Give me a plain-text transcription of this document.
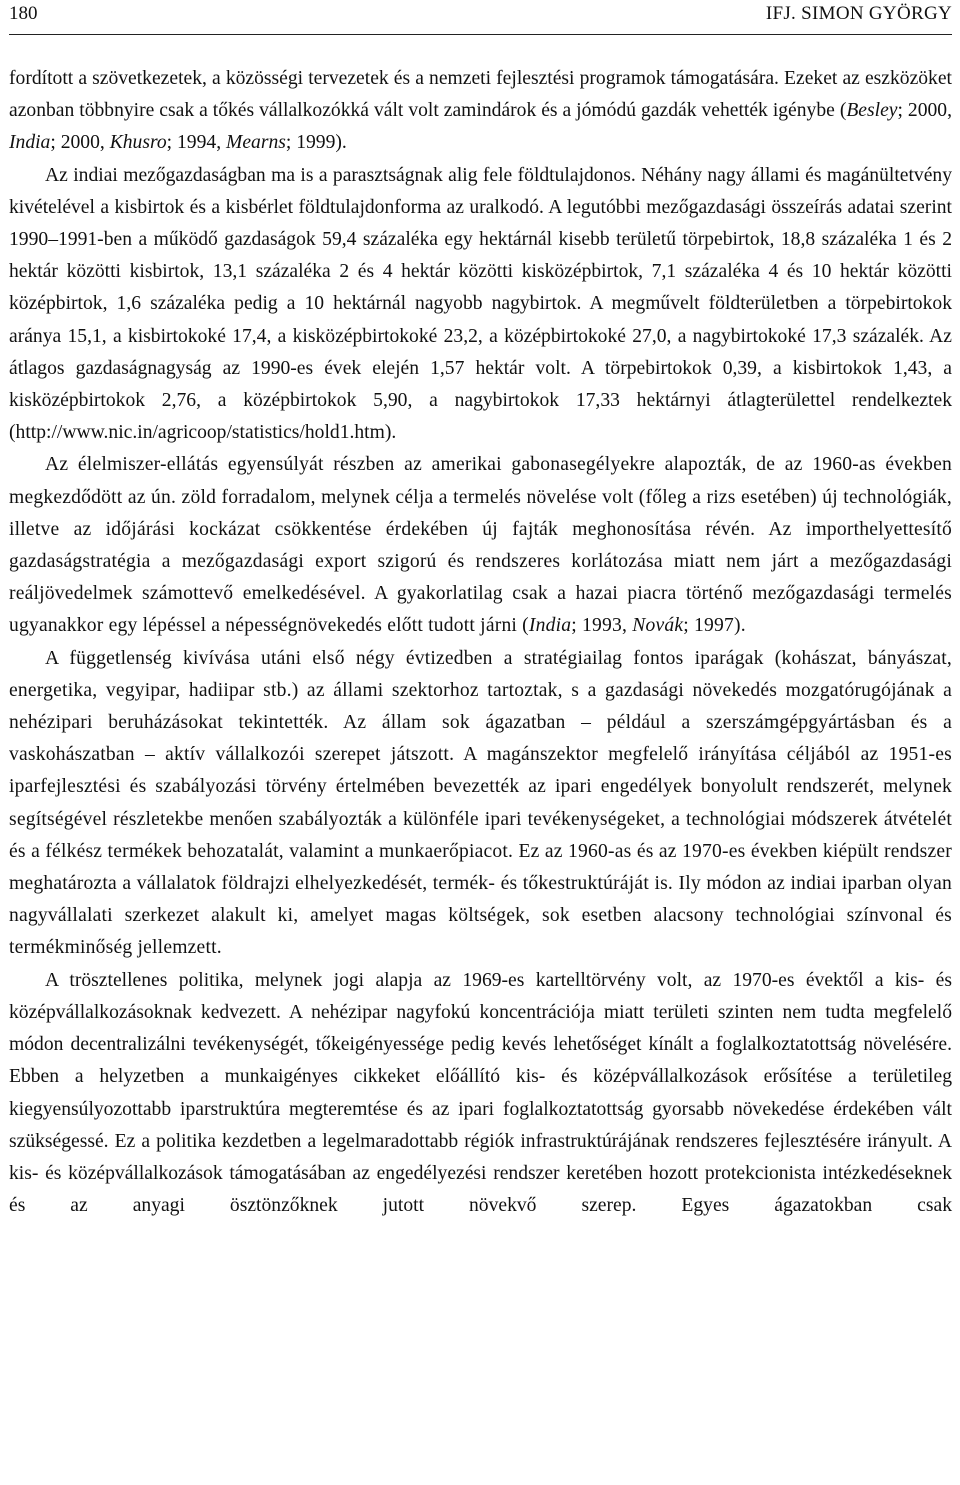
180	IFJ. SIMON GYÖRGY

fordított a szövetkezetek, a közösségi tervezetek és a nemzeti fejlesztési programok támogatására. Ezeket az eszközöket azonban többnyire csak a tőkés vállalkozókká vált volt zamindárok és a jómódú gazdák vehették igénybe (Besley; 2000, India; 2000, Khusro; 1994, Mearns; 1999).

Az indiai mezőgazdaságban ma is a parasztságnak alig fele földtulajdonos. Néhány nagy állami és magánültetvény kivételével a kisbirtok és a kisbérlet földtulajdonforma az uralkodó. A legutóbbi mezőgazdasági összeírás adatai szerint 1990–1991-ben a működő gazdaságok 59,4 százaléka egy hektárnál kisebb területű törpebirtok, 18,8 százaléka 1 és 2 hektár közötti kisbirtok, 13,1 százaléka 2 és 4 hektár közötti kisközépbirtok, 7,1 százaléka 4 és 10 hektár közötti középbirtok, 1,6 százaléka pedig a 10 hektárnál nagyobb nagybirtok. A megművelt földterületben a törpebirtokok aránya 15,1, a kisbirtokoké 17,4, a kisközépbirtokoké 23,2, a középbirtokoké 27,0, a nagybirtokoké 17,3 százalék. Az átlagos gazdaságnagyság az 1990-es évek elején 1,57 hektár volt. A törpebirtokok 0,39, a kisbirtokok 1,43, a kisközépbirtokok 2,76, a középbirtokok 5,90, a nagybirtokok 17,33 hektárnyi átlagterülettel rendelkeztek (http://www.nic.in/agricoop/statistics/hold1.htm).

Az élelmiszer-ellátás egyensúlyát részben az amerikai gabonasegélyekre alapozták, de az 1960-as években megkezdődött az ún. zöld forradalom, melynek célja a termelés növelése volt (főleg a rizs esetében) új technológiák, illetve az időjárási kockázat csökkentése érdekében új fajták meghonosítása révén. Az importhelyettesítő gazdaságstratégia a mezőgazdasági export szigorú és rendszeres korlátozása miatt nem járt a mezőgazdasági reáljövedelmek számottevő emelkedésével. A gyakorlatilag csak a hazai piacra történő mezőgazdasági termelés ugyanakkor egy lépéssel a népességnövekedés előtt tudott járni (India; 1993, Novák; 1997).

A függetlenség kivívása utáni első négy évtizedben a stratégiailag fontos iparágak (kohászat, bányászat, energetika, vegyipar, hadiipar stb.) az állami szektorhoz tartoztak, s a gazdasági növekedés mozgatórugójának a nehézipari beruházásokat tekintették. Az állam sok ágazatban – például a szerszámgépgyártásban és a vaskohászatban – aktív vállalkozói szerepet játszott. A magánszektor megfelelő irányítása céljából az 1951-es iparfejlesztési és szabályozási törvény értelmében bevezették az ipari engedélyek bonyolult rendszerét, melynek segítségével részletekbe menően szabályozták a különféle ipari tevékenységeket, a technológiai módszerek átvételét és a félkész termékek behozatalát, valamint a munkaerőpiacot. Ez az 1960-as és az 1970-es években kiépült rendszer meghatározta a vállalatok földrajzi elhelyezkedését, termék- és tőkestruktúráját is. Ily módon az indiai iparban olyan nagyvállalati szerkezet alakult ki, amelyet magas költségek, sok esetben alacsony technológiai színvonal és termékminőség jellemzett.

A trösztellenes politika, melynek jogi alapja az 1969-es kartelltörvény volt, az 1970-es évektől a kis- és középvállalkozásoknak kedvezett. A nehézipar nagyfokú koncentrációja miatt területi szinten nem tudta megfelelő módon decentralizálni tevékenységét, tőkeigényessége pedig kevés lehetőséget kínált a foglalkoztatottság növelésére. Ebben a helyzetben a munkaigényes cikkeket előállító kis- és középvállalkozások erősítése a területileg kiegyensúlyozottabb iparstruktúra megteremtése és az ipari foglalkoztatottság gyorsabb növekedése érdekében vált szükségessé. Ez a politika kezdetben a legelmaradottabb régiók infrastruktúrájának rendszeres fejlesztésére irányult. A kis- és középvállalkozások támogatásában az engedélyezési rendszer keretében hozott protekcionista intézkedéseknek és az anyagi ösztönzőknek jutott növekvő szerep. Egyes ágazatokban csak
